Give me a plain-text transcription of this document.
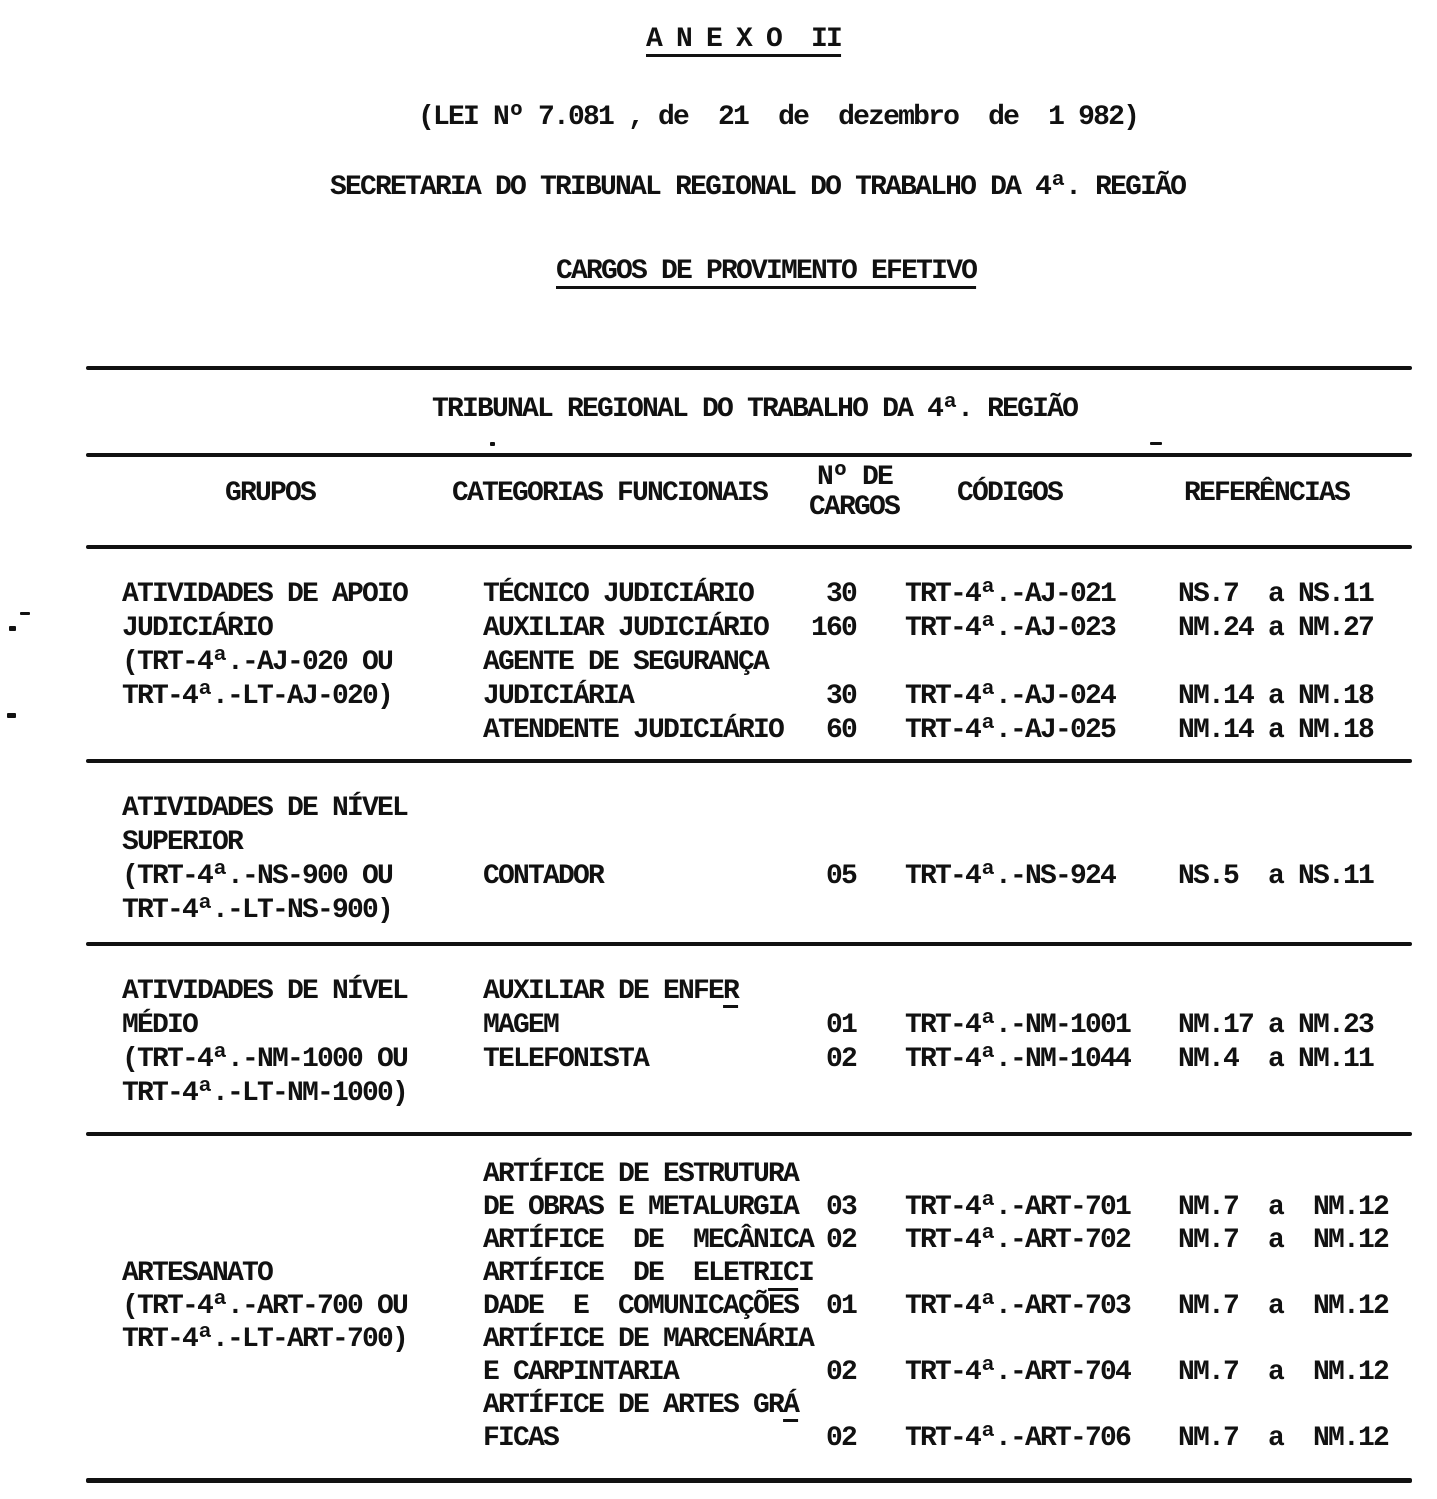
A N E X O  II
(LEI Nº 7.081 , de  21  de  dezembro  de  1 982)
SECRETARIA DO TRIBUNAL REGIONAL DO TRABALHO DA 4ª. REGIÃO
CARGOS DE PROVIMENTO EFETIVO
TRIBUNAL REGIONAL DO TRABALHO DA 4ª. REGIÃO
GRUPOS	CATEGORIAS FUNCIONAIS
Nº DE
CARGOS CÓDIGOS	REFERÊNCIAS
ATIVIDADES DE APOIO	TÉCNICO JUDICIÁRIO	30 TRT-4ª.-AJ-021 NS.7  a NS.11
JUDICIÁRIO	AUXILIAR JUDICIÁRIO	160 TRT-4ª.-AJ-023 NM.24 a NM.27
(TRT-4ª.-AJ-020 OU	AGENTE DE SEGURANÇA
TRT-4ª.-LT-AJ-020)	JUDICIÁRIA	30 TRT-4ª.-AJ-024 NM.14 a NM.18
ATENDENTE JUDICIÁRIO	60 TRT-4ª.-AJ-025 NM.14 a NM.18
ATIVIDADES DE NÍVEL
SUPERIOR
(TRT-4ª.-NS-900 OU	CONTADOR	05 TRT-4ª.-NS-924 NS.5  a NS.11
TRT-4ª.-LT-NS-900)
ATIVIDADES DE NÍVEL	AUXILIAR DE ENFER
MÉDIO	MAGEM	01 TRT-4ª.-NM-1001 NM.17 a NM.23
(TRT-4ª.-NM-1000 OU	TELEFONISTA	02 TRT-4ª.-NM-1044 NM.4  a NM.11
TRT-4ª.-LT-NM-1000)
ARTÍFICE DE ESTRUTURA
DE OBRAS E METALURGIA 03 TRT-4ª.-ART-701 NM.7  a  NM.12
ARTÍFICE  DE  MECÂNICA 02 TRT-4ª.-ART-702 NM.7  a  NM.12
ARTESANATO	ARTÍFICE  DE  ELETRICI
(TRT-4ª.-ART-700 OU	DADE  E  $COMUNICAÇÕ\overline{ES}$ 01 TRT-4ª.-ART-703 NM.7  a  NM.12
TRT-4ª.-LT-ART-700)	ARTÍFICE DE MARCENÁRIA
E CARPINTARIA	02 TRT-4ª.-ART-704 NM.7  a  NM.12
ARTÍFICE DE ARTES GRÁ
FICAS	02 TRT-4ª.-ART-706 NM.7  a  NM.12
